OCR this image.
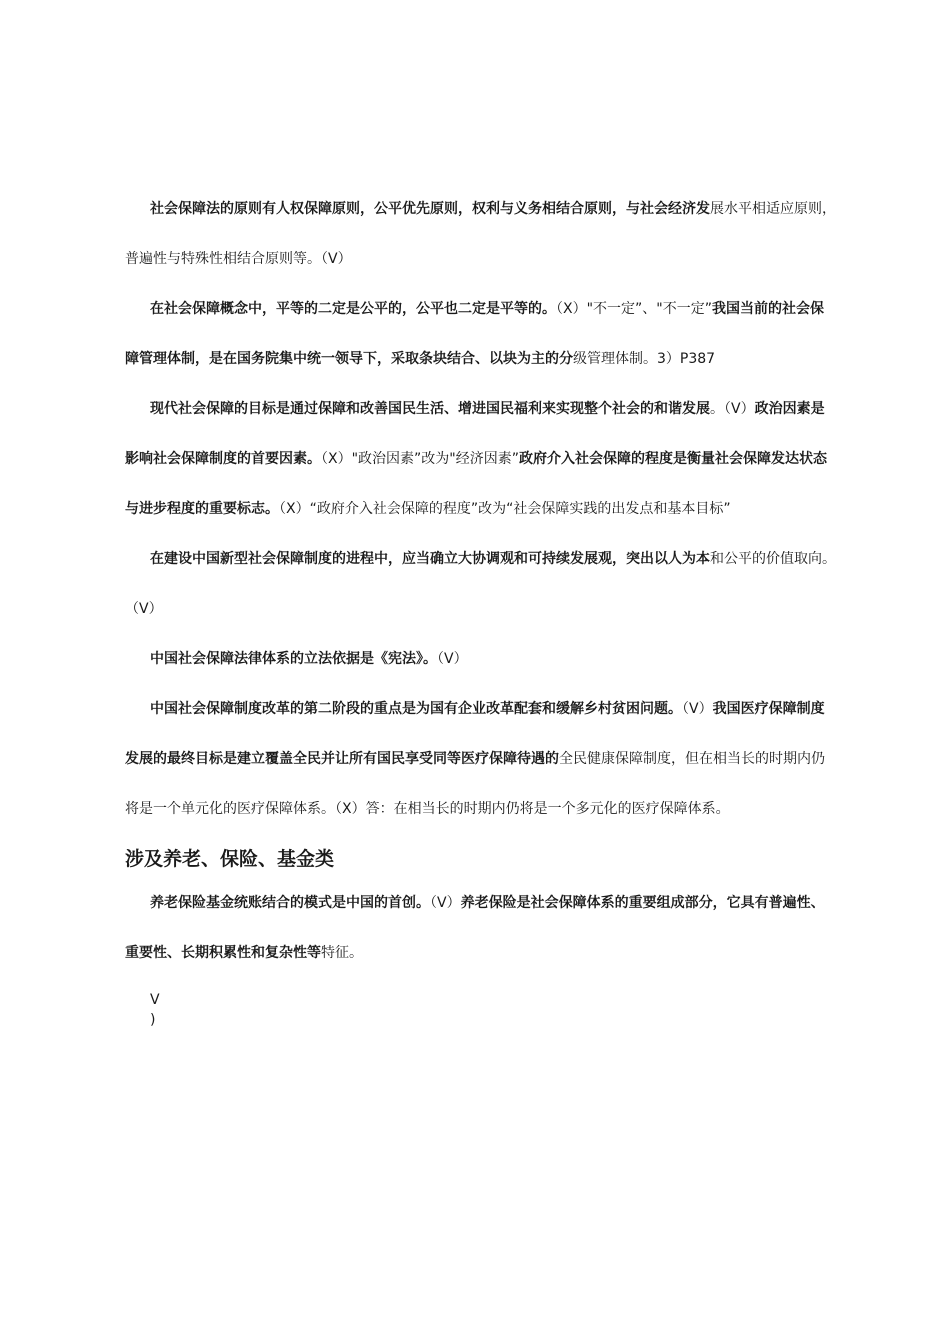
社会保障法的原则有人权保障原则，公平优先原则，权利与义务相结合原则，与社会经济发展水平相适应原则，普遍性与特殊性相结合原则等。（V）

在社会保障概念中，平等的二定是公平的，公平也二定是平等的。（X）"不一定”、"不一定”我国当前的社会保障管理体制，是在国务院集中统一领导下，采取条块结合、以块为主的分级管理体制。3）P387

现代社会保障的目标是通过保障和改善国民生活、增进国民福利来实现整个社会的和谐发展。（V）政治因素是影响社会保障制度的首要因素。（X）"政治因素”改为"经济因素”政府介入社会保障的程度是衡量社会保障发达状态与进步程度的重要标志。（X）“政府介入社会保障的程度”改为“社会保障实践的出发点和基本目标”

在建设中国新型社会保障制度的进程中，应当确立大协调观和可持续发展观，突出以人为本和公平的价值取向。（V）

中国社会保障法律体系的立法依据是《宪法》。（V）

中国社会保障制度改革的第二阶段的重点是为国有企业改革配套和缓解乡村贫困问题。（V）我国医疗保障制度发展的最终目标是建立覆盖全民并让所有国民享受同等医疗保障待遇的全民健康保障制度，但在相当长的时期内仍将是一个单元化的医疗保障体系。（X）答：在相当长的时期内仍将是一个多元化的医疗保障体系。

涉及养老、保险、基金类

养老保险基金统账结合的模式是中国的首创。（V）养老保险是社会保障体系的重要组成部分，它具有普遍性、重要性、长期积累性和复杂性等特征。

V
)
